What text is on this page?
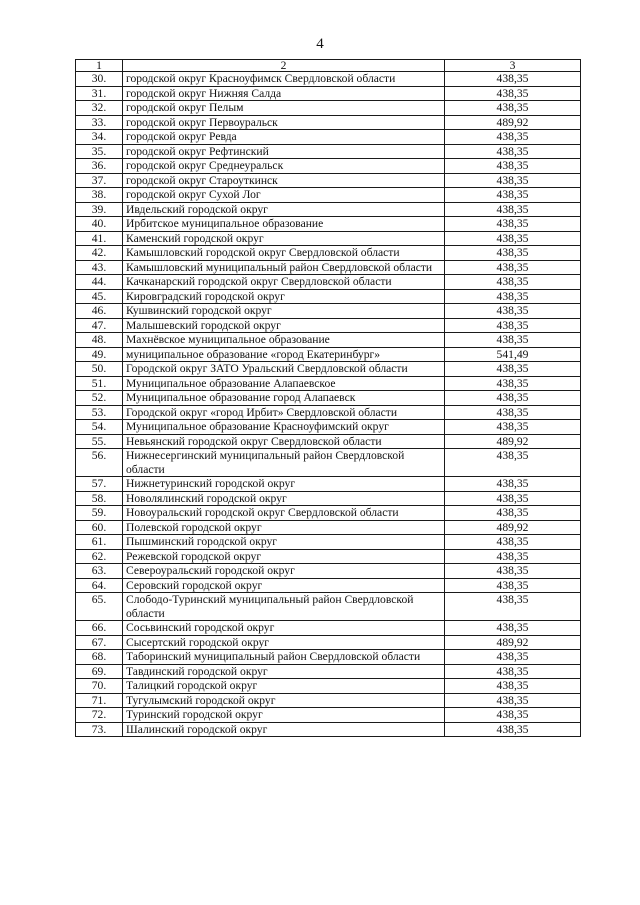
4
1	2	3
30.	городской округ Красноуфимск Свердловской области	438,35
31.	городской округ Нижняя Салда	438,35
32.	городской округ Пелым	438,35
33.	городской округ Первоуральск	489,92
34.	городской округ Ревда	438,35
35.	городской округ Рефтинский	438,35
36.	городской округ Среднеуральск	438,35
37.	городской округ Староуткинск	438,35
38.	городской округ Сухой Лог	438,35
39.	Ивдельский городской округ	438,35
40.	Ирбитское муниципальное образование	438,35
41.	Каменский городской округ	438,35
42.	Камышловский городской округ Свердловской области	438,35
43.	Камышловский муниципальный район Свердловской области	438,35
44.	Качканарский городской округ Свердловской области	438,35
45.	Кировградский городской округ	438,35
46.	Кушвинский городской округ	438,35
47.	Малышевский городской округ	438,35
48.	Махнёвское муниципальное образование	438,35
49.	муниципальное образование «город Екатеринбург»	541,49
50.	Городской округ ЗАТО Уральский Свердловской области	438,35
51.	Муниципальное образование Алапаевское	438,35
52.	Муниципальное образование город Алапаевск	438,35
53.	Городской округ «город Ирбит» Свердловской области	438,35
54.	Муниципальное образование Красноуфимский округ	438,35
55.	Невьянский городской округ Свердловской области	489,92
56.	Нижнесергинский муниципальный район Свердловской области	438,35
57.	Нижнетуринский городской округ	438,35
58.	Новолялинский городской округ	438,35
59.	Новоуральский городской округ Свердловской области	438,35
60.	Полевской городской округ	489,92
61.	Пышминский городской округ	438,35
62.	Режевской городской округ	438,35
63.	Североуральский городской округ	438,35
64.	Серовский городской округ	438,35
65.	Слободо-Туринский муниципальный район Свердловской области	438,35
66.	Сосьвинский городской округ	438,35
67.	Сысертский городской округ	489,92
68.	Таборинский муниципальный район Свердловской области	438,35
69.	Тавдинский городской округ	438,35
70.	Талицкий городской округ	438,35
71.	Тугулымский городской округ	438,35
72.	Туринский городской округ	438,35
73.	Шалинский городской округ	438,35
